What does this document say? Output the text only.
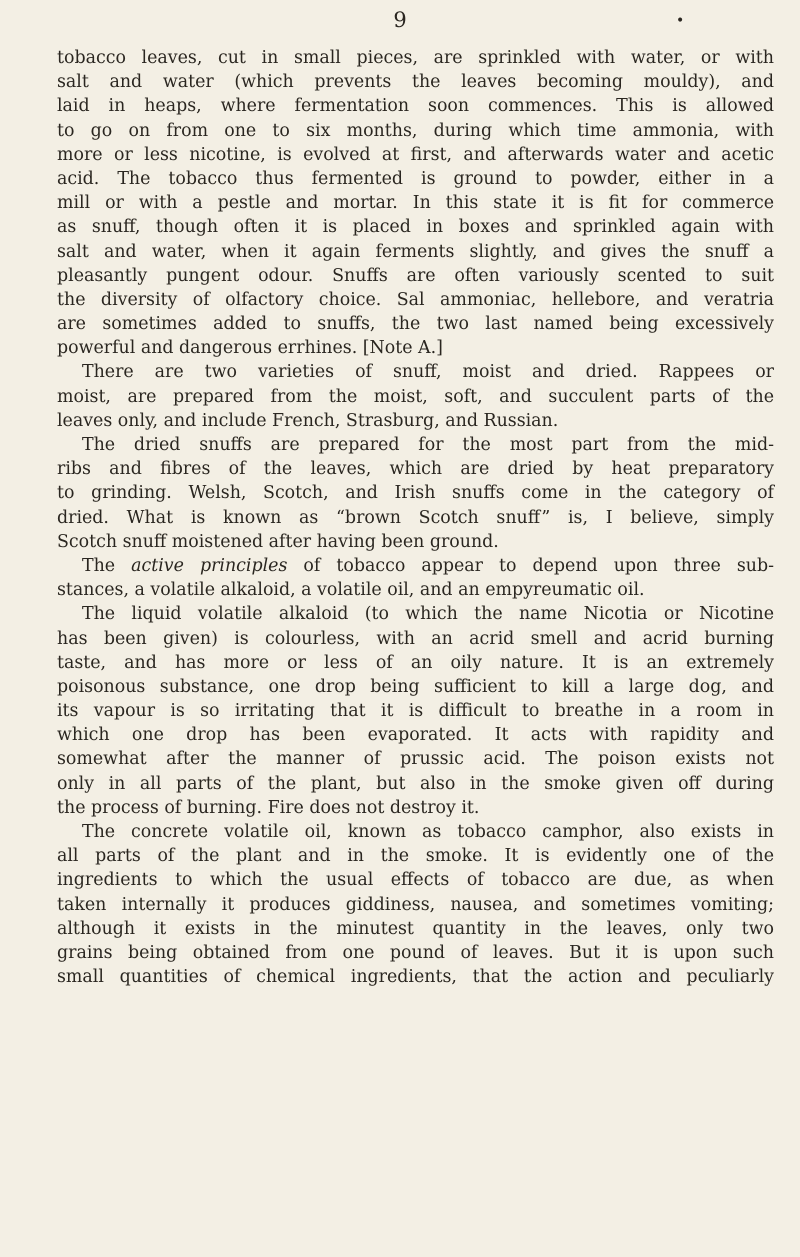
9	•
tobacco leaves, cut in small pieces, are sprinkled with water, or with
salt and water (which prevents the leaves becoming mouldy), and
laid in heaps, where fermentation soon commences. This is allowed
to go on from one to six months, during which time ammonia, with
more or less nicotine, is evolved at first, and afterwards water and acetic
acid. The tobacco thus fermented is ground to powder, either in a
mill or with a pestle and mortar. In this state it is fit for commerce
as snuff, though often it is placed in boxes and sprinkled again with
salt and water, when it again ferments slightly, and gives the snuff a
pleasantly pungent odour. Snuffs are often variously scented to suit
the diversity of olfactory choice. Sal ammoniac, hellebore, and veratria
are sometimes added to snuffs, the two last named being excessively
powerful and dangerous errhines. [Note A.]
There are two varieties of snuff, moist and dried. Rappees or
moist, are prepared from the moist, soft, and succulent parts of the
leaves only, and include French, Strasburg, and Russian.
The dried snuffs are prepared for the most part from the mid-
ribs and fibres of the leaves, which are dried by heat preparatory
to grinding. Welsh, Scotch, and Irish snuffs come in the category of
dried. What is known as “brown Scotch snuff” is, I believe, simply
Scotch snuff moistened after having been ground.
The active principles of tobacco appear to depend upon three sub-
stances, a volatile alkaloid, a volatile oil, and an empyreumatic oil.
The liquid volatile alkaloid (to which the name Nicotia or Nicotine
has been given) is colourless, with an acrid smell and acrid burning
taste, and has more or less of an oily nature. It is an extremely
poisonous substance, one drop being sufficient to kill a large dog, and
its vapour is so irritating that it is difficult to breathe in a room in
which one drop has been evaporated. It acts with rapidity and
somewhat after the manner of prussic acid. The poison exists not
only in all parts of the plant, but also in the smoke given off during
the process of burning. Fire does not destroy it.
The concrete volatile oil, known as tobacco camphor, also exists in
all parts of the plant and in the smoke. It is evidently one of the
ingredients to which the usual effects of tobacco are due, as when
taken internally it produces giddiness, nausea, and sometimes vomiting;
although it exists in the minutest quantity in the leaves, only two
grains being obtained from one pound of leaves. But it is upon such
small quantities of chemical ingredients, that the action and peculiarly
